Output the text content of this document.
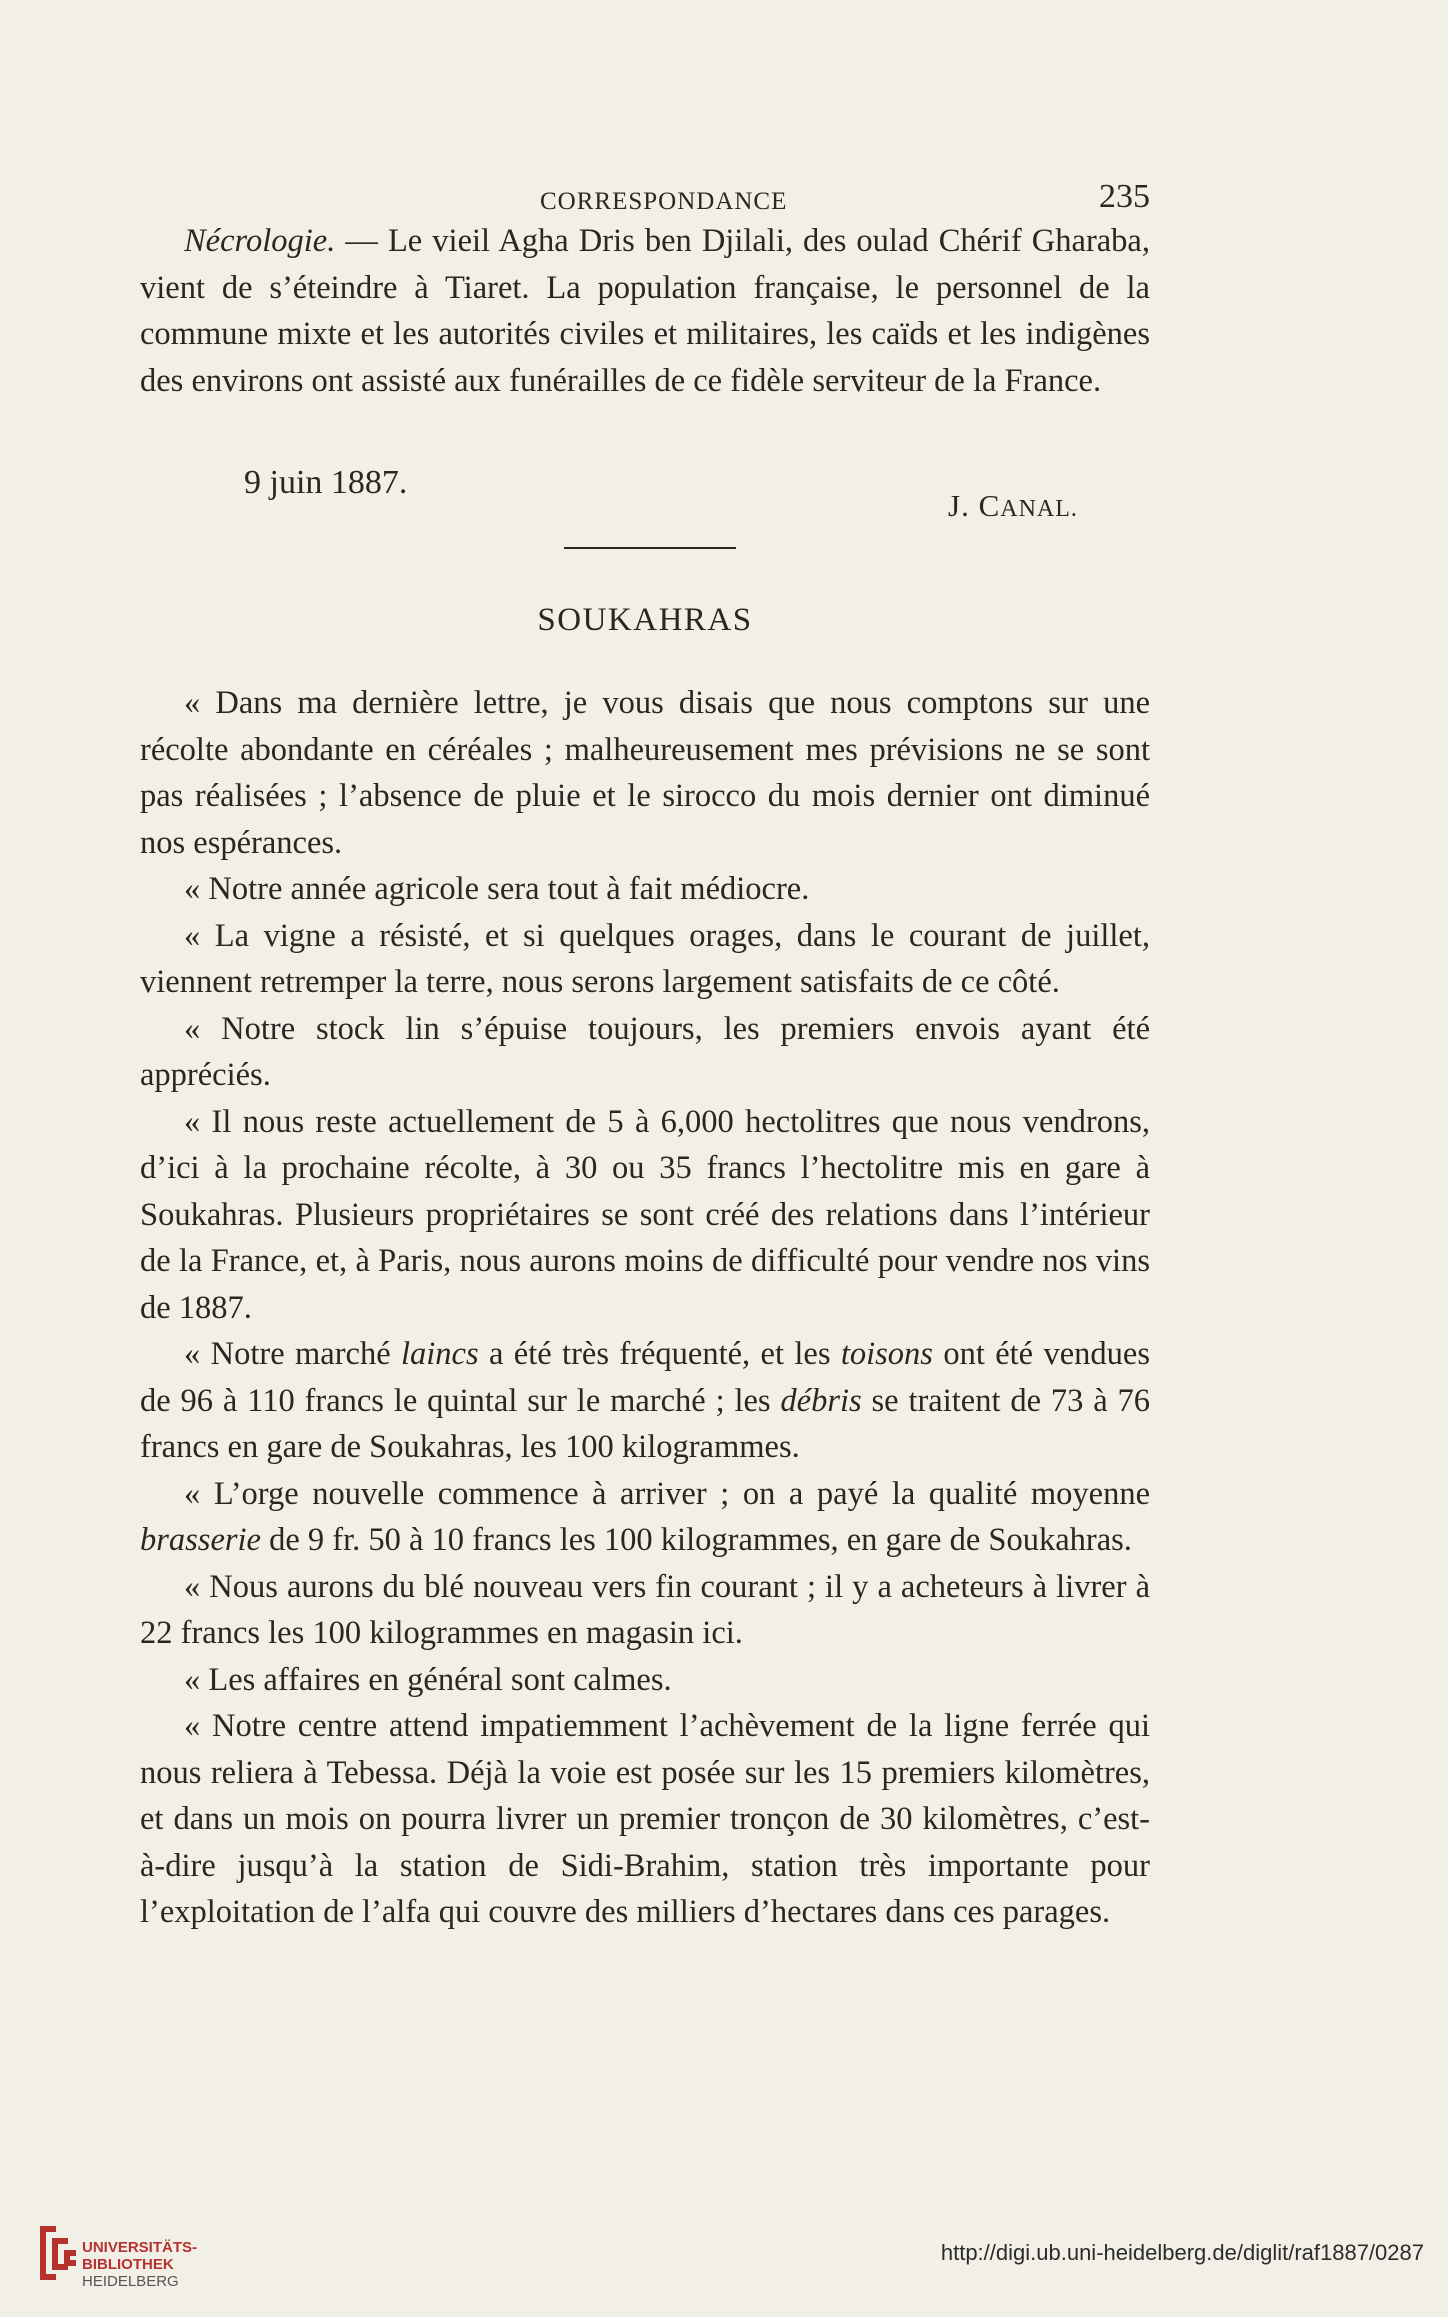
CORRESPONDANCE	235

Nécrologie. — Le vieil Agha Dris ben Djilali, des oulad Chérif Gharaba, vient de s’éteindre à Tiaret. La population française, le personnel de la commune mixte et les autorités civiles et militaires, les caïds et les indigènes des environs ont assisté aux funérailles de ce fidèle serviteur de la France.

9 juin 1887.
J. CANAL.
SOUKAHRAS

« Dans ma dernière lettre, je vous disais que nous comptons sur une récolte abondante en céréales ; malheureusement mes prévisions ne se sont pas réalisées ; l’absence de pluie et le sirocco du mois dernier ont diminué nos espérances.

« Notre année agricole sera tout à fait médiocre.

« La vigne a résisté, et si quelques orages, dans le courant de juillet, viennent retremper la terre, nous serons largement satisfaits de ce côté.

« Notre stock lin s’épuise toujours, les premiers envois ayant été appréciés.

« Il nous reste actuellement de 5 à 6,000 hectolitres que nous vendrons, d’ici à la prochaine récolte, à 30 ou 35 francs l’hectolitre mis en gare à Soukahras. Plusieurs propriétaires se sont créé des relations dans l’intérieur de la France, et, à Paris, nous aurons moins de difficulté pour vendre nos vins de 1887.

« Notre marché laincs a été très fréquenté, et les toisons ont été vendues de 96 à 110 francs le quintal sur le marché ; les débris se traitent de 73 à 76 francs en gare de Soukahras, les 100 kilogrammes.

« L’orge nouvelle commence à arriver ; on a payé la qualité moyenne brasserie de 9 fr. 50 à 10 francs les 100 kilogrammes, en gare de Soukahras.

« Nous aurons du blé nouveau vers fin courant ; il y a acheteurs à livrer à 22 francs les 100 kilogrammes en magasin ici.

« Les affaires en général sont calmes.

« Notre centre attend impatiemment l’achèvement de la ligne ferrée qui nous reliera à Tebessa. Déjà la voie est posée sur les 15 premiers kilomètres, et dans un mois on pourra livrer un premier tronçon de 30 kilomètres, c’est-à-dire jusqu’à la station de Sidi-Brahim, station très importante pour l’exploitation de l’alfa qui couvre des milliers d’hectares dans ces parages.

UNIVERSITÄTS-
BIBLIOTHEK
HEIDELBERG
http://digi.ub.uni-heidelberg.de/diglit/raf1887/0287
